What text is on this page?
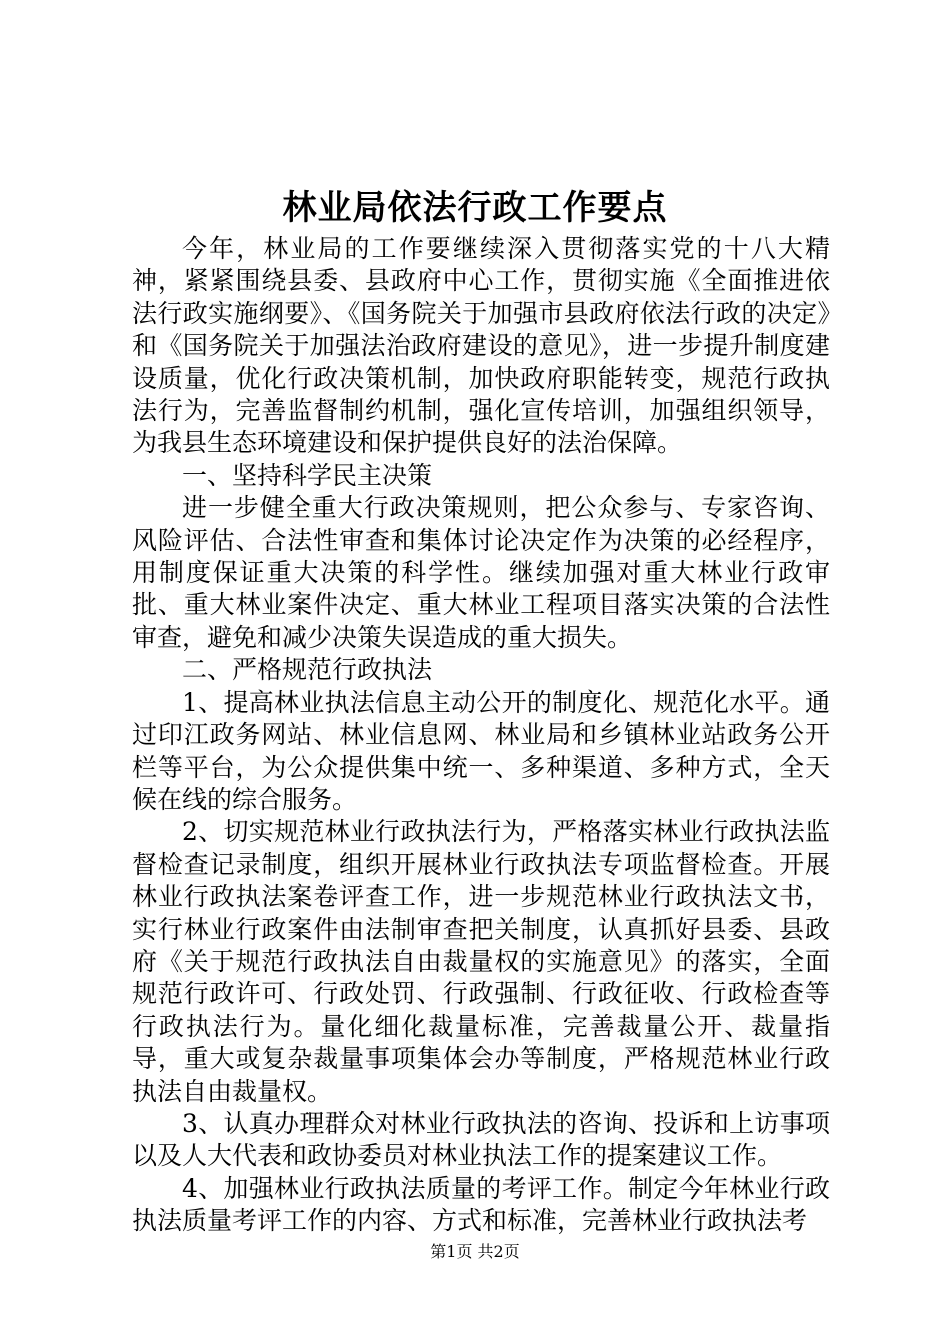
林业局依法行政工作要点

今年，林业局的工作要继续深入贯彻落实党的十八大精神，紧紧围绕县委、县政府中心工作，贯彻实施《全面推进依法行政实施纲要》、《国务院关于加强市县政府依法行政的决定》和《国务院关于加强法治政府建设的意见》，进一步提升制度建设质量，优化行政决策机制，加快政府职能转变，规范行政执法行为，完善监督制约机制，强化宣传培训，加强组织领导，为我县生态环境建设和保护提供良好的法治保障。

一、坚持科学民主决策

进一步健全重大行政决策规则，把公众参与、专家咨询、风险评估、合法性审查和集体讨论决定作为决策的必经程序，用制度保证重大决策的科学性。继续加强对重大林业行政审批、重大林业案件决定、重大林业工程项目落实决策的合法性审查，避免和减少决策失误造成的重大损失。

二、严格规范行政执法

1、提高林业执法信息主动公开的制度化、规范化水平。通过印江政务网站、林业信息网、林业局和乡镇林业站政务公开栏等平台，为公众提供集中统一、多种渠道、多种方式，全天候在线的综合服务。

2、切实规范林业行政执法行为，严格落实林业行政执法监督检查记录制度，组织开展林业行政执法专项监督检查。开展林业行政执法案卷评查工作，进一步规范林业行政执法文书，实行林业行政案件由法制审查把关制度，认真抓好县委、县政府《关于规范行政执法自由裁量权的实施意见》的落实，全面规范行政许可、行政处罚、行政强制、行政征收、行政检查等行政执法行为。量化细化裁量标准，完善裁量公开、裁量指导，重大或复杂裁量事项集体会办等制度，严格规范林业行政执法自由裁量权。

3、认真办理群众对林业行政执法的咨询、投诉和上访事项以及人大代表和政协委员对林业执法工作的提案建议工作。

4、加强林业行政执法质量的考评工作。制定今年林业行政执法质量考评工作的内容、方式和标准，完善林业行政执法考

第1页 共2页
